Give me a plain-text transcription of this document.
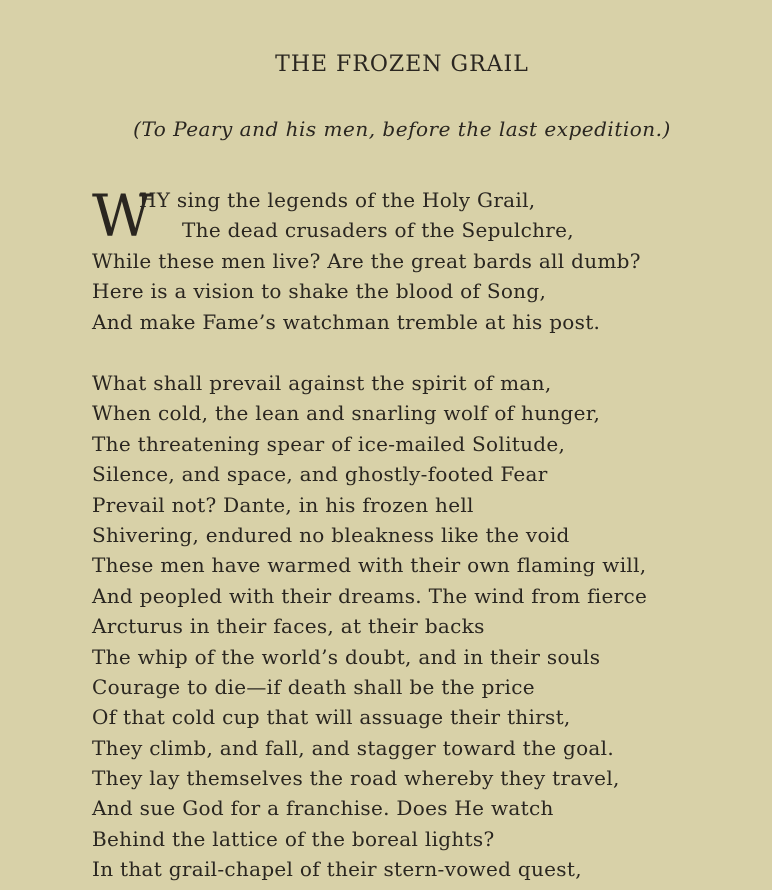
THE FROZEN GRAIL
(To Peary and his men, before the last expedition.)
W
HY sing the legends of the Holy Grail,
The dead crusaders of the Sepulchre,
While these men live? Are the great bards all dumb?
Here is a vision to shake the blood of Song,
And make Fame’s watchman tremble at his post.
What shall prevail against the spirit of man,
When cold, the lean and snarling wolf of hunger,
The threatening spear of ice-mailed Solitude,
Silence, and space, and ghostly-footed Fear
Prevail not? Dante, in his frozen hell
Shivering, endured no bleakness like the void
These men have warmed with their own flaming will,
And peopled with their dreams. The wind from fierce
Arcturus in their faces, at their backs
The whip of the world’s doubt, and in their souls
Courage to die—if death shall be the price
Of that cold cup that will assuage their thirst,
They climb, and fall, and stagger toward the goal.
They lay themselves the road whereby they travel,
And sue God for a franchise. Does He watch
Behind the lattice of the boreal lights?
In that grail-chapel of their stern-vowed quest,
